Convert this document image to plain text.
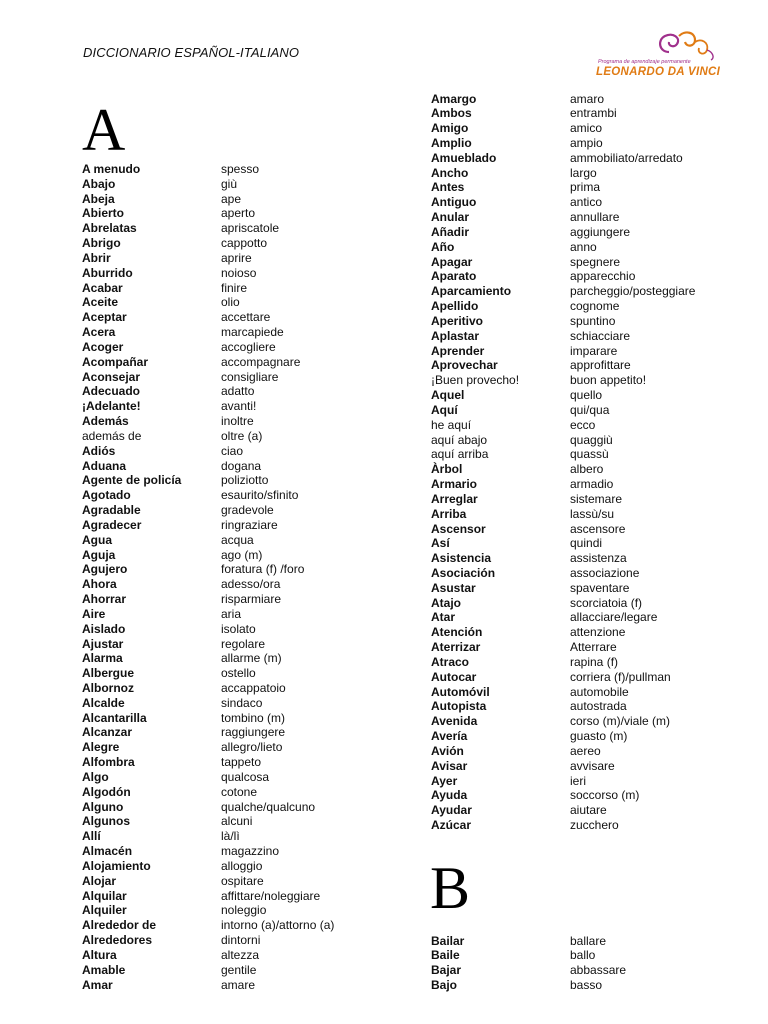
DICCIONARIO ESPAÑOL-ITALIANO
Programa de aprendizaje permanente
LEONARDO DA VINCI
A
B
A menudo	spesso
Abajo	giù
Abeja	ape
Abierto	aperto
Abrelatas	apriscatole
Abrigo	cappotto
Abrir	aprire
Aburrido	noioso
Acabar	finire
Aceite	olio
Aceptar	accettare
Acera	marcapiede
Acoger	accogliere
Acompañar	accompagnare
Aconsejar	consigliare
Adecuado	adatto
¡Adelante!	avanti!
Además	inoltre
además de	oltre (a)
Adiós	ciao
Aduana	dogana
Agente de policía	poliziotto
Agotado	esaurito/sfinito
Agradable	gradevole
Agradecer	ringraziare
Agua	acqua
Aguja	ago (m)
Agujero	foratura (f) /foro
Ahora	adesso/ora
Ahorrar	risparmiare
Aire	aria
Aislado	isolato
Ajustar	regolare
Alarma	allarme (m)
Albergue	ostello
Albornoz	accappatoio
Alcalde	sindaco
Alcantarilla	tombino (m)
Alcanzar	raggiungere
Alegre	allegro/lieto
Alfombra	tappeto
Algo	qualcosa
Algodón	cotone
Alguno	qualche/qualcuno
Algunos	alcuni
Allí	là/lì
Almacén	magazzino
Alojamiento	alloggio
Alojar	ospitare
Alquilar	affittare/noleggiare
Alquiler	noleggio
Alrededor de	intorno (a)/attorno (a)
Alrededores	dintorni
Altura	altezza
Amable	gentile
Amar	amare
Amargo	amaro
Ambos	entrambi
Amigo	amico
Amplio	ampio
Amueblado	ammobiliato/arredato
Ancho	largo
Antes	prima
Antiguo	antico
Anular	annullare
Añadir	aggiungere
Año	anno
Apagar	spegnere
Aparato	apparecchio
Aparcamiento	parcheggio/posteggiare
Apellido	cognome
Aperitivo	spuntino
Aplastar	schiacciare
Aprender	imparare
Aprovechar	approfittare
¡Buen provecho!	buon appetito!
Aquel	quello
Aquí	qui/qua
he aquí	ecco
aquí abajo	quaggiù
aquí arriba	quassù
Àrbol	albero
Armario	armadio
Arreglar	sistemare
Arriba	lassù/su
Ascensor	ascensore
Así	quindi
Asistencia	assistenza
Asociación	associazione
Asustar	spaventare
Atajo	scorciatoia (f)
Atar	allacciare/legare
Atención	attenzione
Aterrizar	Atterrare
Atraco	rapina (f)
Autocar	corriera (f)/pullman
Automóvil	automobile
Autopista	autostrada
Avenida	corso (m)/viale (m)
Avería	guasto (m)
Avión	aereo
Avisar	avvisare
Ayer	ieri
Ayuda	soccorso (m)
Ayudar	aiutare
Azúcar	zucchero
Bailar	ballare
Baile	ballo
Bajar	abbassare
Bajo	basso
